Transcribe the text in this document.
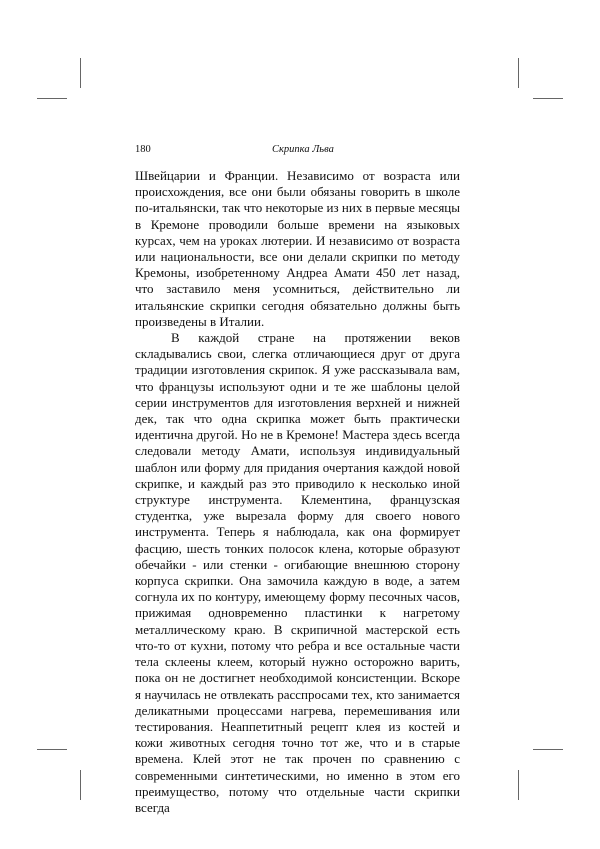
180	Скрипка Льва

Швейцарии и Франции. Независимо от возраста или происхождения, все они были обязаны говорить в школе по-итальянски, так что некоторые из них в первые месяцы в Кремоне проводили больше времени на языковых курсах, чем на уроках лютерии. И независимо от возраста или национальности, все они делали скрипки по методу Кремоны, изобретенному Андреа Амати 450 лет назад, что заставило меня усомниться, действительно ли итальянские скрипки сегодня обязательно должны быть произведены в Италии.

В каждой стране на протяжении веков складывались свои, слегка отличающиеся друг от друга традиции изготовления скрипок. Я уже рассказывала вам, что французы используют одни и те же шаблоны целой серии инструментов для изготовления верхней и нижней дек, так что одна скрипка может быть практически идентична другой. Но не в Кремоне! Мастера здесь всегда следовали методу Амати, используя индивидуальный шаблон или форму для придания очертания каждой новой скрипке, и каждый раз это приводило к несколько иной структуре инструмента. Клементина, французская студентка, уже вырезала форму для своего нового инструмента. Теперь я наблюдала, как она формирует фасцию, шесть тонких полосок клена, которые образуют обечайки - или стенки - огибающие внешнюю сторону корпуса скрипки. Она замочила каждую в воде, а затем согнула их по контуру, имеющему форму песочных часов, прижимая одновременно пластинки к нагретому металлическому краю. В скрипичной мастерской есть что-то от кухни, потому что ребра и все остальные части тела склеены клеем, который нужно осторожно варить, пока он не достигнет необходимой консистенции. Вскоре я научилась не отвлекать расспросами тех, кто занимается деликатными процессами нагрева, перемешивания или тестирования. Неаппетитный рецепт клея из костей и кожи животных сегодня точно тот же, что и в старые времена. Клей этот не так прочен по сравнению с современными синтетическими, но именно в этом его преимущество, потому что отдельные части скрипки всегда
